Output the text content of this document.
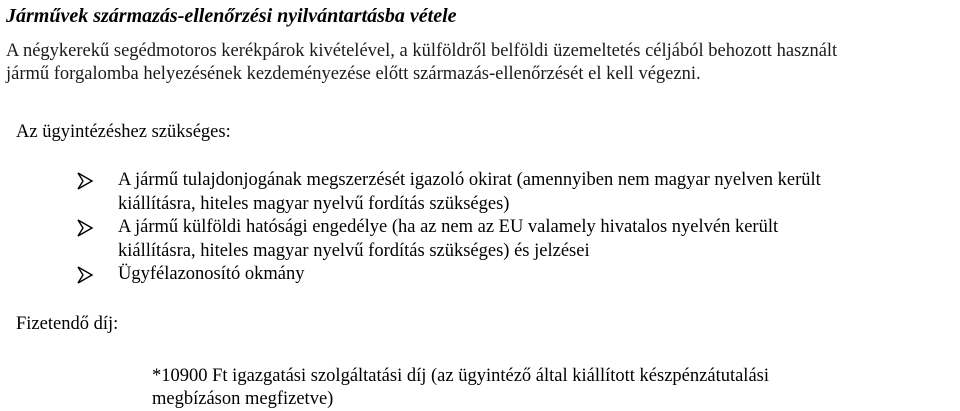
Járművek származás-ellenőrzési nyilvántartásba vétele
A négykerekű segédmotoros kerékpárok kivételével, a külföldről belföldi üzemeltetés céljából behozott használt
jármű forgalomba helyezésének kezdeményezése előtt származás-ellenőrzését el kell végezni.
Az ügyintézéshez szükséges:
A jármű tulajdonjogának megszerzését igazoló okirat (amennyiben nem magyar nyelven került
kiállításra, hiteles magyar nyelvű fordítás szükséges)
A jármű külföldi hatósági engedélye (ha az nem az EU valamely hivatalos nyelvén került
kiállításra, hiteles magyar nyelvű fordítás szükséges) és jelzései
Ügyfélazonosító okmány
Fizetendő díj:
*10900 Ft igazgatási szolgáltatási díj (az ügyintéző által kiállított készpénzátutalási
megbízáson megfizetve)
